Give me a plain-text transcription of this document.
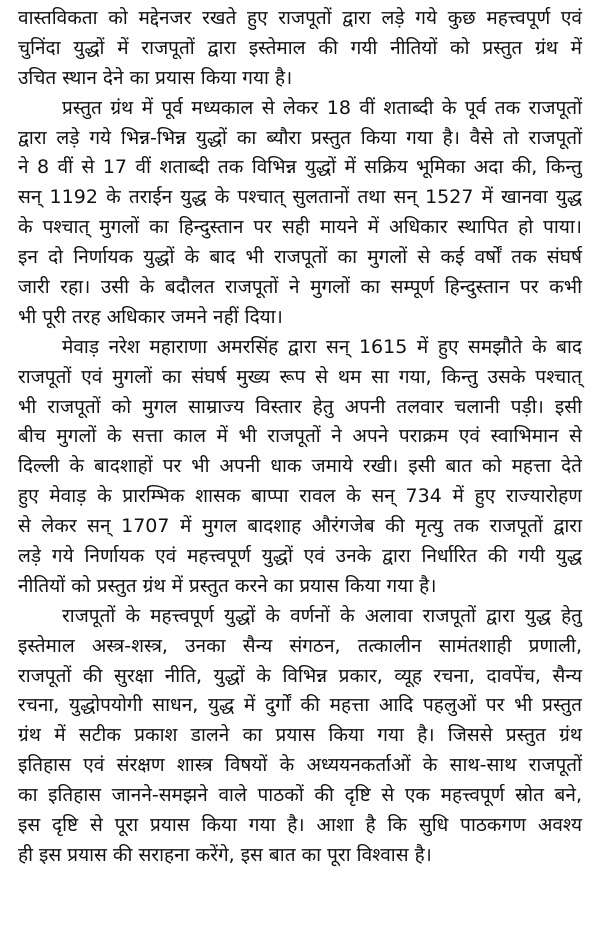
वास्तविकता को मद्देनजर रखते हुए राजपूतों द्वारा लड़े गये कुछ महत्त्वपूर्ण एवं
चुनिंदा युद्धों में राजपूतों द्वारा इस्तेमाल की गयी नीतियों को प्रस्तुत ग्रंथ में
उचित स्थान देने का प्रयास किया गया है।
प्रस्तुत ग्रंथ में पूर्व मध्यकाल से लेकर 18 वीं शताब्दी के पूर्व तक राजपूतों
द्वारा लड़े गये भिन्न-भिन्न युद्धों का ब्यौरा प्रस्तुत किया गया है। वैसे तो राजपूतों
ने 8 वीं से 17 वीं शताब्दी तक विभिन्न युद्धों में सक्रिय भूमिका अदा की, किन्तु
सन् 1192 के तराईन युद्ध के पश्चात् सुलतानों तथा सन् 1527 में खानवा युद्ध
के पश्चात् मुगलों का हिन्दुस्तान पर सही मायने में अधिकार स्थापित हो पाया।
इन दो निर्णायक युद्धों के बाद भी राजपूतों का मुगलों से कई वर्षों तक संघर्ष
जारी रहा। उसी के बदौलत राजपूतों ने मुगलों का सम्पूर्ण हिन्दुस्तान पर कभी
भी पूरी तरह अधिकार जमने नहीं दिया।
मेवाड़ नरेश महाराणा अमरसिंह द्वारा सन् 1615 में हुए समझौते के बाद
राजपूतों एवं मुगलों का संघर्ष मुख्य रूप से थम सा गया, किन्तु उसके पश्चात्
भी राजपूतों को मुगल साम्राज्य विस्तार हेतु अपनी तलवार चलानी पड़ी। इसी
बीच मुगलों के सत्ता काल में भी राजपूतों ने अपने पराक्रम एवं स्वाभिमान से
दिल्ली के बादशाहों पर भी अपनी धाक जमाये रखी। इसी बात को महत्ता देते
हुए मेवाड़ के प्रारम्भिक शासक बाप्पा रावल के सन् 734 में हुए राज्यारोहण
से लेकर सन् 1707 में मुगल बादशाह औरंगजेब की मृत्यु तक राजपूतों द्वारा
लड़े गये निर्णायक एवं महत्त्वपूर्ण युद्धों एवं उनके द्वारा निर्धारित की गयी युद्ध
नीतियों को प्रस्तुत ग्रंथ में प्रस्तुत करने का प्रयास किया गया है।
राजपूतों के महत्त्वपूर्ण युद्धों के वर्णनों के अलावा राजपूतों द्वारा युद्ध हेतु
इस्तेमाल अस्त्र-शस्त्र, उनका सैन्य संगठन, तत्कालीन सामंतशाही प्रणाली,
राजपूतों की सुरक्षा नीति, युद्धों के विभिन्न प्रकार, व्यूह रचना, दावपेंच, सैन्य
रचना, युद्धोपयोगी साधन, युद्ध में दुर्गों की महत्ता आदि पहलुओं पर भी प्रस्तुत
ग्रंथ में सटीक प्रकाश डालने का प्रयास किया गया है। जिससे प्रस्तुत ग्रंथ
इतिहास एवं संरक्षण शास्त्र विषयों के अध्ययनकर्ताओं के साथ-साथ राजपूतों
का इतिहास जानने-समझने वाले पाठकों की दृष्टि से एक महत्त्वपूर्ण स्रोत बने,
इस दृष्टि से पूरा प्रयास किया गया है। आशा है कि सुधि पाठकगण अवश्य
ही इस प्रयास की सराहना करेंगे, इस बात का पूरा विश्वास है।
